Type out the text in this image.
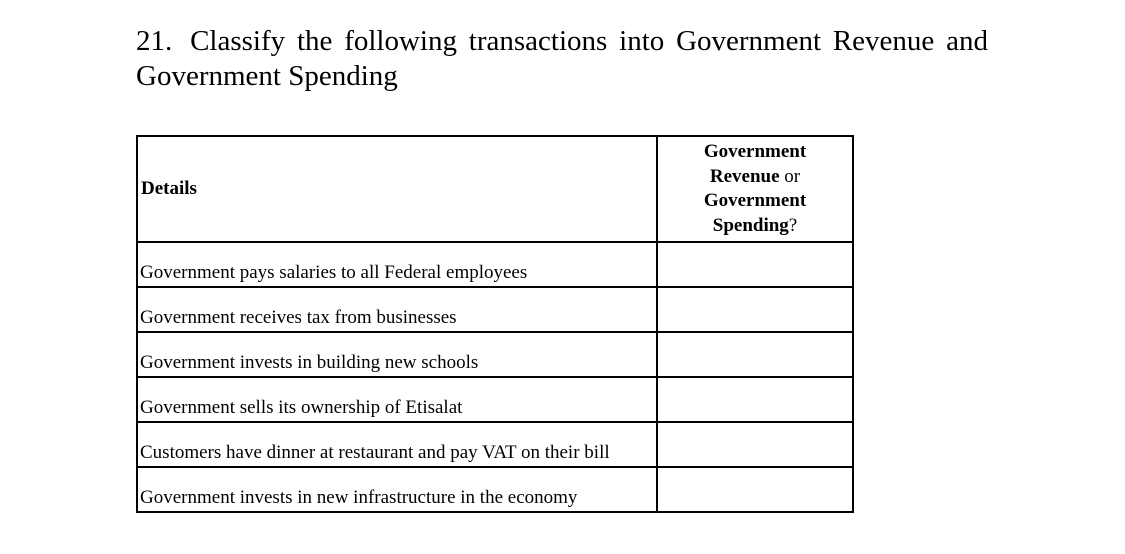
21. Classify the following transactions into Government Revenue and Government Spending

Details	Government
Revenue or
Government
Spending?
Government pays salaries to all Federal employees	
Government receives tax from businesses	
Government invests in building new schools	
Government sells its ownership of Etisalat	
Customers have dinner at restaurant and pay VAT on their bill	
Government invests in new infrastructure in the economy	
